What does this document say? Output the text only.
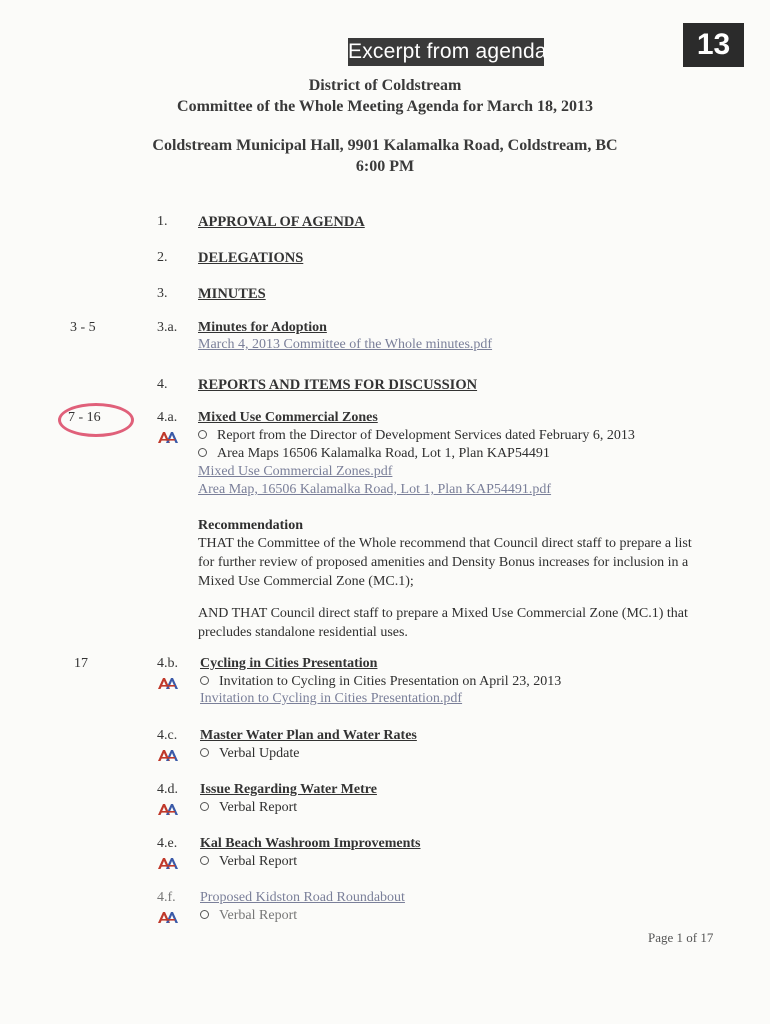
Excerpt from agenda	13
District of Coldstream
Committee of the Whole Meeting Agenda for March 18, 2013
Coldstream Municipal Hall, 9901 Kalamalka Road, Coldstream, BC
6:00 PM
1. APPROVAL OF AGENDA
2. DELEGATIONS
3. MINUTES
3 - 5	3.a. Minutes for Adoption
March 4, 2013 Committee of the Whole minutes.pdf
4. REPORTS AND ITEMS FOR DISCUSSION
7 - 16	4.a. Mixed Use Commercial Zones
Report from the Director of Development Services dated February 6, 2013
Area Maps 16506 Kalamalka Road, Lot 1, Plan KAP54491
Mixed Use Commercial Zones.pdf
Area Map, 16506 Kalamalka Road, Lot 1, Plan KAP54491.pdf
Recommendation
THAT the Committee of the Whole recommend that Council direct staff to prepare a list for further review of proposed amenities and Density Bonus increases for inclusion in a Mixed Use Commercial Zone (MC.1);
AND THAT Council direct staff to prepare a Mixed Use Commercial Zone (MC.1) that precludes standalone residential uses.
17	4.b. Cycling in Cities Presentation
Invitation to Cycling in Cities Presentation on April 23, 2013
Invitation to Cycling in Cities Presentation.pdf
4.c. Master Water Plan and Water Rates
Verbal Update
4.d. Issue Regarding Water Metre
Verbal Report
4.e. Kal Beach Washroom Improvements
Verbal Report
4.f. Proposed Kidston Road Roundabout
Verbal Report
Page 1 of 17
